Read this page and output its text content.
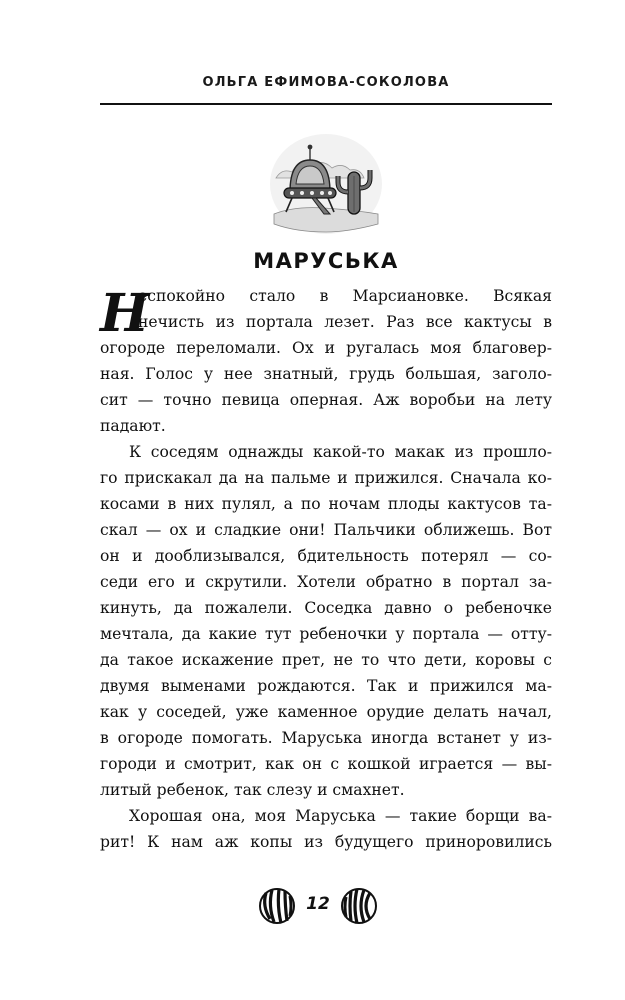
ОЛЬГА ЕФИМОВА-СОКОЛОВА
МАРУСЬКА
Н
еспокойно стало в Марсиановке. Всякая
нечисть из портала лезет. Раз все кактусы в
огороде переломали. Ох и ругалась моя благовер-
ная. Голос у нее знатный, грудь большая, заголо-
сит — точно певица оперная. Аж воробьи на лету
падают.
К соседям однажды какой-то макак из прошло-
го прискакал да на пальме и прижился. Сначала ко-
косами в них пулял, а по ночам плоды кактусов та-
скал — ох и сладкие они! Пальчики оближешь. Вот
он и дооблизывался, бдительность потерял — со-
седи его и скрутили. Хотели обратно в портал за-
кинуть, да пожалели. Соседка давно о ребеночке
мечтала, да какие тут ребеночки у портала — отту-
да такое искажение прет, не то что дети, коровы с
двумя выменами рождаются. Так и прижился ма-
как у соседей, уже каменное орудие делать начал,
в огороде помогать. Маруська иногда встанет у из-
городи и смотрит, как он с кошкой играется — вы-
литый ребенок, так слезу и смахнет.
Хорошая она, моя Маруська — такие борщи ва-
рит! К нам аж копы из будущего приноровились
12
